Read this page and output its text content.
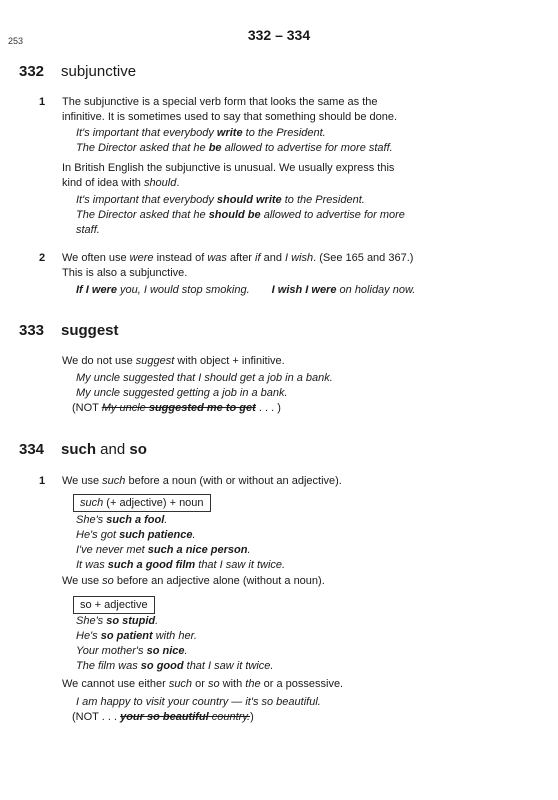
253	332 – 334
332 subjunctive
1 The subjunctive is a special verb form that looks the same as the
infinitive. It is sometimes used to say that something should be done.
It's important that everybody write to the President.
The Director asked that he be allowed to advertise for more staff.
In British English the subjunctive is unusual. We usually express this
kind of idea with should.
It's important that everybody should write to the President.
The Director asked that he should be allowed to advertise for more
staff.
2 We often use were instead of was after if and I wish. (See 165 and 367.)
This is also a subjunctive.
If I were you, I would stop smoking. I wish I were on holiday now.
333 suggest
We do not use suggest with object + infinitive.
My uncle suggested that I should get a job in a bank.
My uncle suggested getting a job in a bank.
(NOT My uncle suggested me to get . . . )
334 such and so
1 We use such before a noun (with or without an adjective).
such (+ adjective) + noun
She's such a fool.
He's got such patience.
I've never met such a nice person.
It was such a good film that I saw it twice.
We use so before an adjective alone (without a noun).
so + adjective
She's so stupid.
He's so patient with her.
Your mother's so nice.
The film was so good that I saw it twice.
We cannot use either such or so with the or a possessive.
I am happy to visit your country — it's so beautiful.
(NOT . . . your so beautiful country.)
